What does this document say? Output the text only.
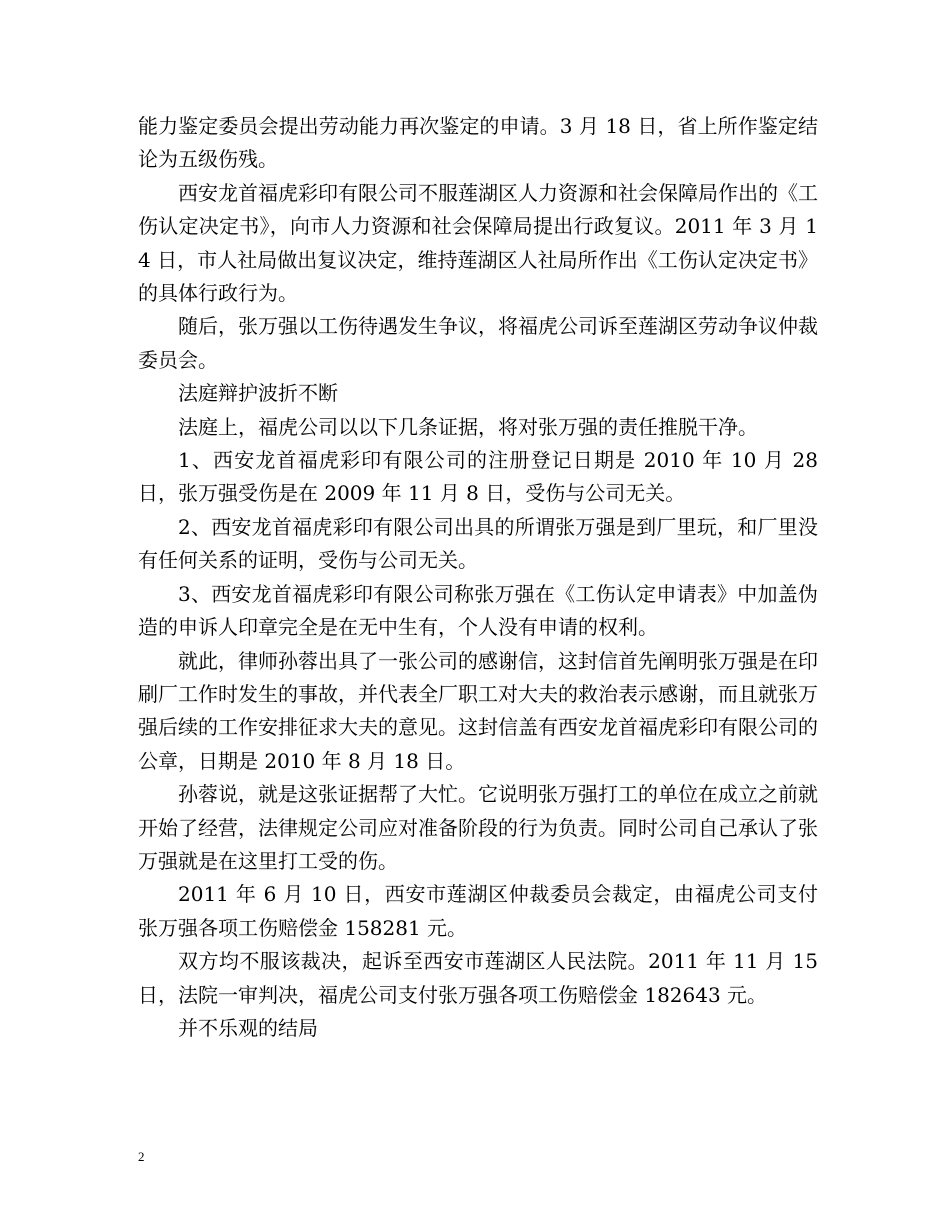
能力鉴定委员会提出劳动能力再次鉴定的申请。3 月 18 日，省上所作鉴定结论为五级伤残。

西安龙首福虎彩印有限公司不服莲湖区人力资源和社会保障局作出的《工伤认定决定书》，向市人力资源和社会保障局提出行政复议。2011 年 3 月 14 日，市人社局做出复议决定，维持莲湖区人社局所作出《工伤认定决定书》的具体行政行为。

随后，张万强以工伤待遇发生争议，将福虎公司诉至莲湖区劳动争议仲裁委员会。

法庭辩护波折不断

法庭上，福虎公司以以下几条证据，将对张万强的责任推脱干净。

1、西安龙首福虎彩印有限公司的注册登记日期是 2010 年 10 月 28 日，张万强受伤是在 2009 年 11 月 8 日，受伤与公司无关。

2、西安龙首福虎彩印有限公司出具的所谓张万强是到厂里玩，和厂里没有任何关系的证明，受伤与公司无关。

3、西安龙首福虎彩印有限公司称张万强在《工伤认定申请表》中加盖伪造的申诉人印章完全是在无中生有，个人没有申请的权利。

就此，律师孙蓉出具了一张公司的感谢信，这封信首先阐明张万强是在印刷厂工作时发生的事故，并代表全厂职工对大夫的救治表示感谢，而且就张万强后续的工作安排征求大夫的意见。这封信盖有西安龙首福虎彩印有限公司的公章，日期是 2010 年 8 月 18 日。

孙蓉说，就是这张证据帮了大忙。它说明张万强打工的单位在成立之前就开始了经营，法律规定公司应对准备阶段的行为负责。同时公司自己承认了张万强就是在这里打工受的伤。

2011 年 6 月 10 日，西安市莲湖区仲裁委员会裁定，由福虎公司支付张万强各项工伤赔偿金 158281 元。

双方均不服该裁决，起诉至西安市莲湖区人民法院。2011 年 11 月 15 日，法院一审判决，福虎公司支付张万强各项工伤赔偿金 182643 元。

并不乐观的结局

2
